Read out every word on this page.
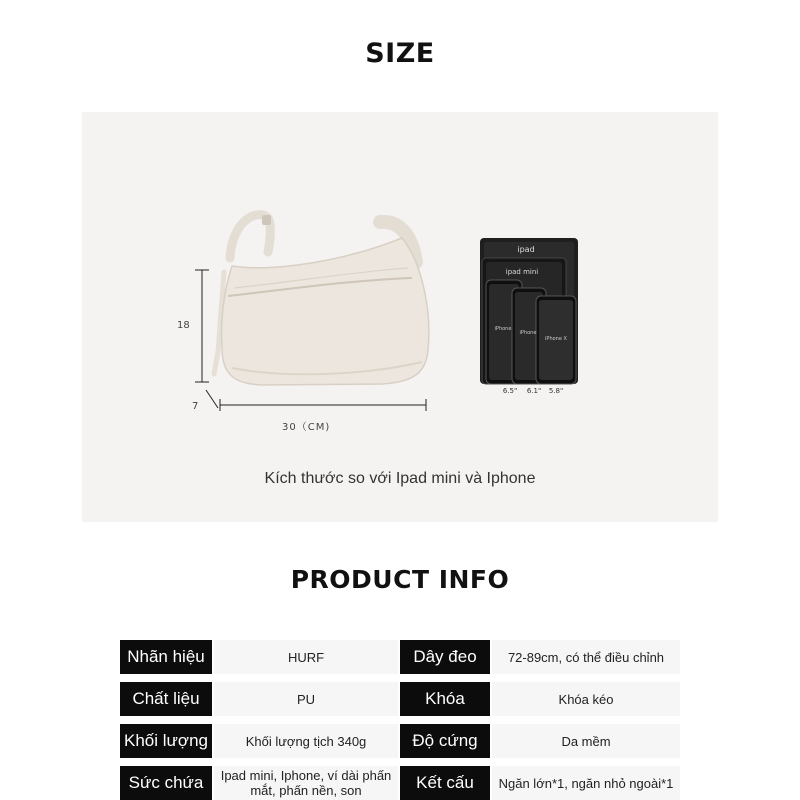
SIZE
ipad
ipad mini
iPhone
iPhone
iPhone X
6.5" 6.1" 5.8"
18
7
30（CM)
Kích thước so với Ipad mini và Iphone
PRODUCT INFO
Nhãn hiệu	HURF	Dây đeo	72-89cm, có thể điều chỉnh
Chất liệu	PU	Khóa	Khóa kéo
Khối lượng	Khối lượng tịch 340g	Độ cứng	Da mềm
Sức chứa	Ipad mini, Iphone, ví dài phấn mắt, phấn nền, son	Kết cấu	Ngăn lớn*1, ngăn nhỏ ngoài*1
